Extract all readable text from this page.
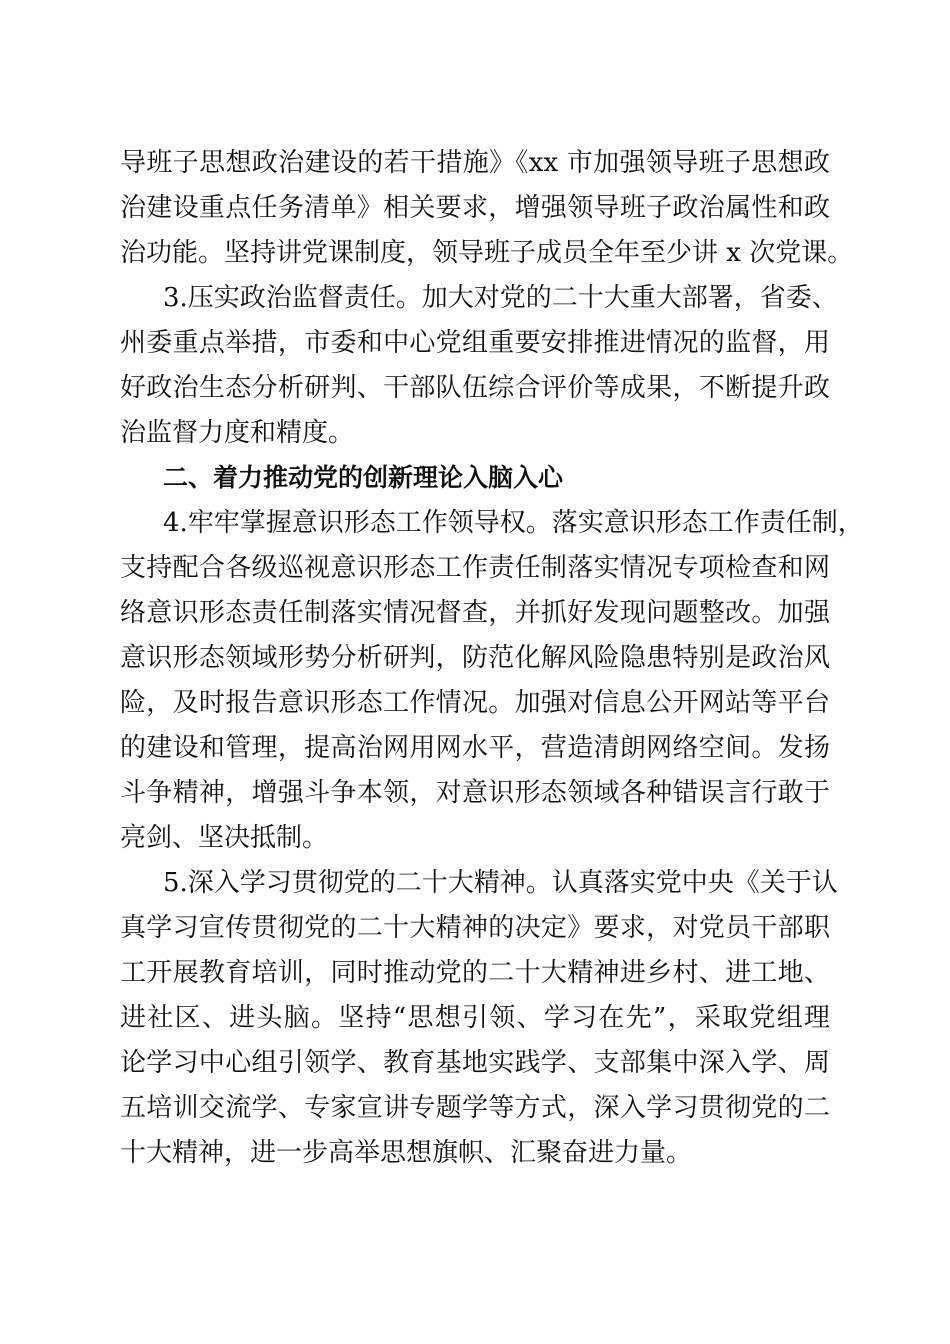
导班子思想政治建设的若干措施》《xx 市加强领导班子思想政
治建设重点任务清单》相关要求，增强领导班子政治属性和政
治功能。坚持讲党课制度，领导班子成员全年至少讲 x 次党课。
3.压实政治监督责任。加大对党的二十大重大部署，省委、
州委重点举措，市委和中心党组重要安排推进情况的监督，用
好政治生态分析研判、干部队伍综合评价等成果，不断提升政
治监督力度和精度。
二、着力推动党的创新理论入脑入心
4.牢牢掌握意识形态工作领导权。落实意识形态工作责任制，
支持配合各级巡视意识形态工作责任制落实情况专项检查和网
络意识形态责任制落实情况督查，并抓好发现问题整改。加强
意识形态领域形势分析研判，防范化解风险隐患特别是政治风
险，及时报告意识形态工作情况。加强对信息公开网站等平台
的建设和管理，提高治网用网水平，营造清朗网络空间。发扬
斗争精神，增强斗争本领，对意识形态领域各种错误言行敢于
亮剑、坚决抵制。
5.深入学习贯彻党的二十大精神。认真落实党中央《关于认
真学习宣传贯彻党的二十大精神的决定》要求，对党员干部职
工开展教育培训，同时推动党的二十大精神进乡村、进工地、
进社区、进头脑。坚持“思想引领、学习在先”，采取党组理
论学习中心组引领学、教育基地实践学、支部集中深入学、周
五培训交流学、专家宣讲专题学等方式，深入学习贯彻党的二
十大精神，进一步高举思想旗帜、汇聚奋进力量。
